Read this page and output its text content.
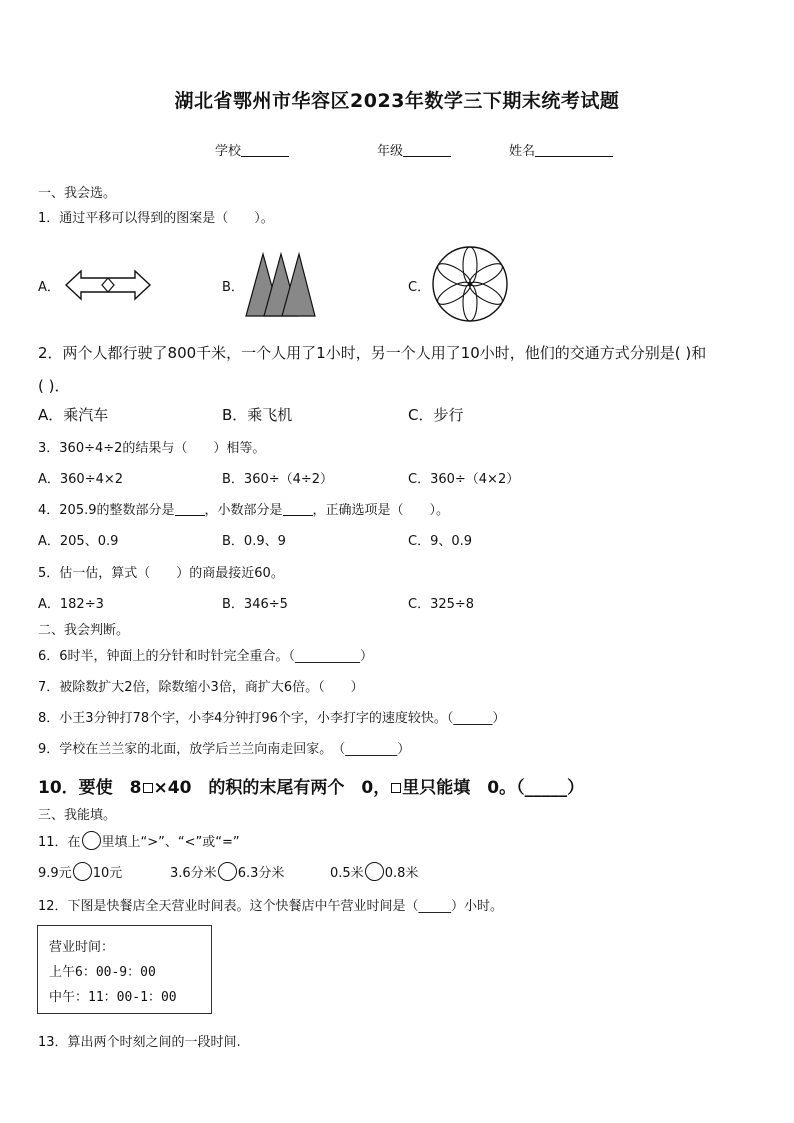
湖北省鄂州市华容区2023年数学三下期末统考试题
学校	年级	姓名
一、我会选。
1．通过平移可以得到的图案是（　　）。
A．	B．	C．
2．两个人都行驶了800千米，一个人用了1小时，另一个人用了10小时，他们的交通方式分别是( )和
( )．
A．乘汽车	B．乘飞机	C．步行
3．360÷4÷2的结果与（　　）相等。
A．360÷4×2	B．360÷（4÷2）	C．360÷（4×2）
4．205.9的整数部分是 ，小数部分是 ，正确选项是（　　）。
A．205、0.9	B．0.9、9	C．9、0.9
5．估一估，算式（　　）的商最接近60。
A．182÷3	B．346÷5	C．325÷8
二、我会判断。
6．6时半，钟面上的分针和时针完全重合。（__________）
7．被除数扩大2倍，除数缩小3倍，商扩大6倍。（　　）
8．小王3分钟打78个字，小李4分钟打96个字，小李打字的速度较快。（______）
9．学校在兰兰家的北面，放学后兰兰向南走回家。　（________）
10．要使　8 ×40　的积的末尾有两个　0， 里只能填　0。（_____）
三、我能填。
11．在 里填上“>”、“<”或“=”
9.9元 10元	3.6分米 6.3分米	0.5米 0.8米
12．下图是快餐店全天营业时间表。这个快餐店中午营业时间是（_____）小时。
营业时间：
上午6：00-9：00
中午：11：00-1：00
13．算出两个时刻之间的一段时间.
